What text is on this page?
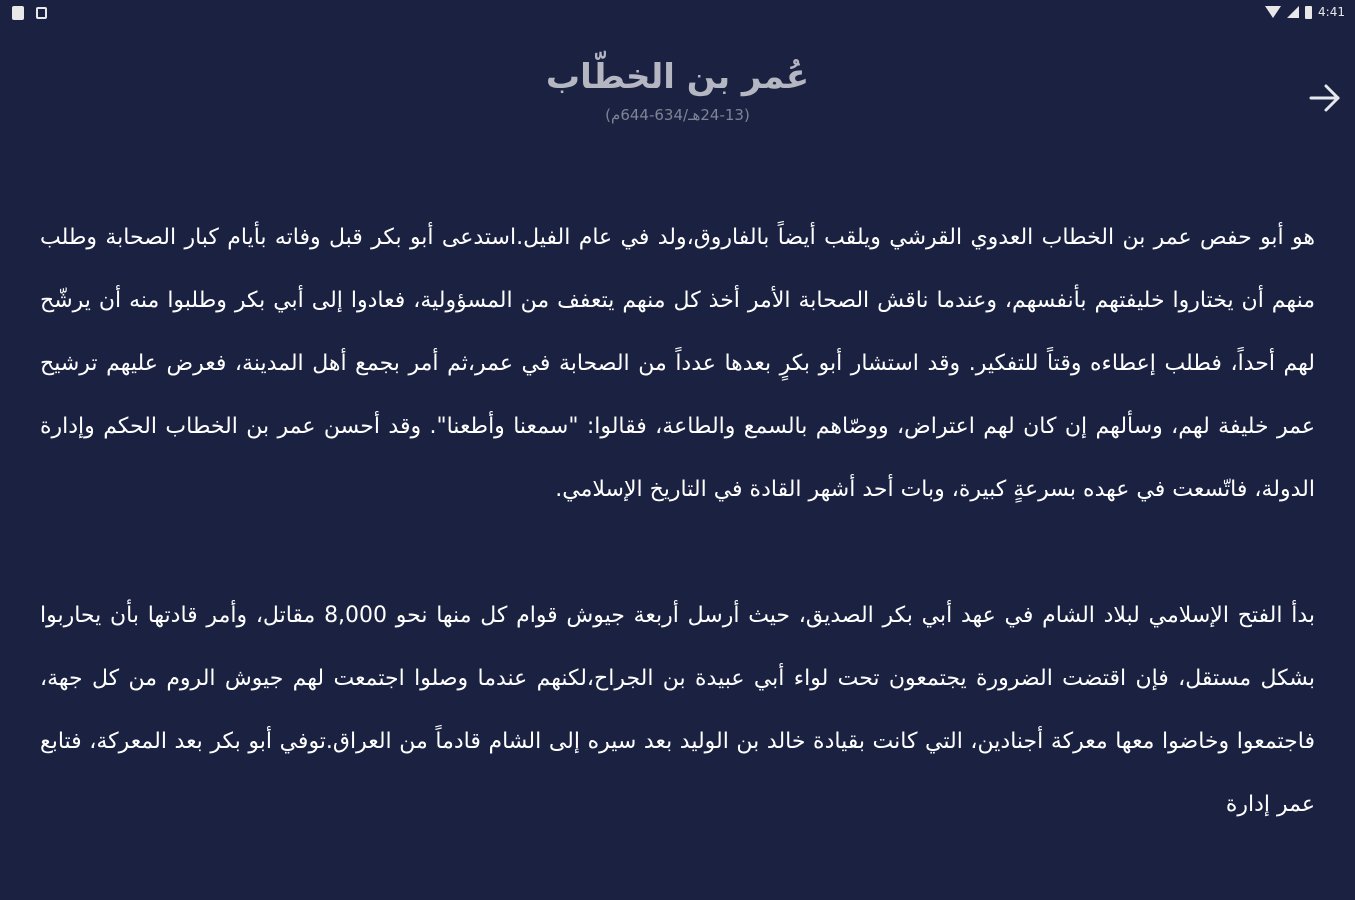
4:41
عُمر بن الخطّاب
(24-13هـ/634-644م)

هو أبو حفص عمر بن الخطاب العدوي القرشي ويلقب أيضاً بالفاروق،ولد في عام الفيل.استدعى أبو بكر قبل وفاته بأيام كبار الصحابة وطلب منهم أن يختاروا خليفتهم بأنفسهم، وعندما ناقش الصحابة الأمر أخذ كل منهم يتعفف من المسؤولية، فعادوا إلى أبي بكر وطلبوا منه أن يرشّح لهم أحداً، فطلب إعطاءه وقتاً للتفكير. وقد استشار أبو بكرٍ بعدها عدداً من الصحابة في عمر،ثم أمر بجمع أهل المدينة، فعرض عليهم ترشيح عمر خليفة لهم، وسألهم إن كان لهم اعتراض، ووصّاهم بالسمع والطاعة، فقالوا: "سمعنا وأطعنا". وقد أحسن عمر بن الخطاب الحكم وإدارة الدولة، فاتّسعت في عهده بسرعةٍ كبيرة، وبات أحد أشهر القادة في التاريخ الإسلامي.

بدأ الفتح الإسلامي لبلاد الشام في عهد أبي بكر الصديق، حيث أرسل أربعة جيوش قوام كل منها نحو 8,000 مقاتل، وأمر قادتها بأن يحاربوا بشكل مستقل، فإن اقتضت الضرورة يجتمعون تحت لواء أبي عبيدة بن الجراح،لكنهم عندما وصلوا اجتمعت لهم جيوش الروم من كل جهة، فاجتمعوا وخاضوا معها معركة أجنادين، التي كانت بقيادة خالد بن الوليد بعد سيره إلى الشام قادماً من العراق.توفي أبو بكر بعد المعركة، فتابع عمر إدارة
